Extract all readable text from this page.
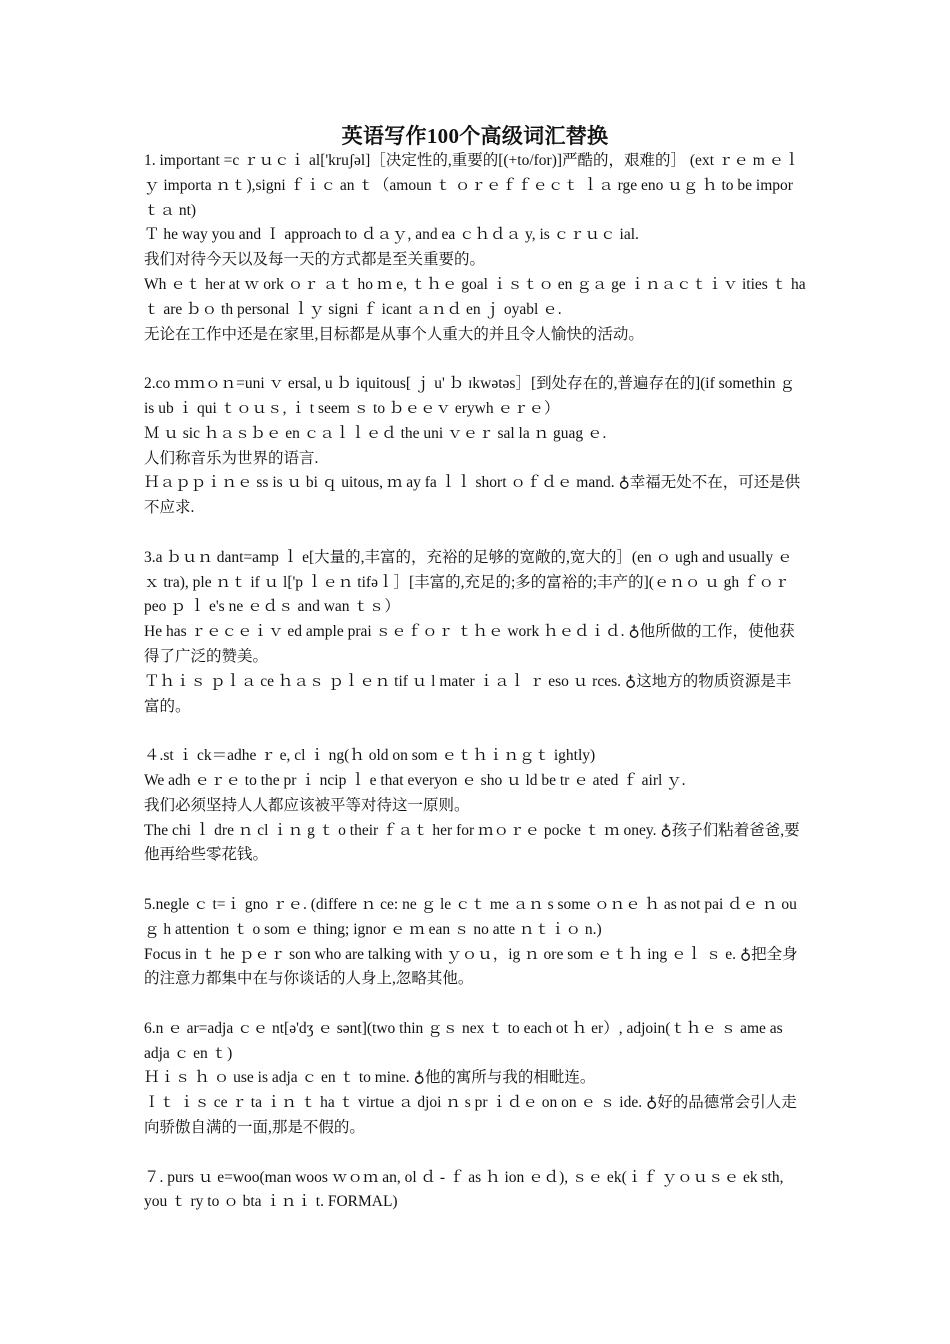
英语写作100个高级词汇替换

1. important =c ｒｕｃｉ al['kruʃəl]［决定性的,重要的[(+to/for)]严酷的，艰难的］ (ext ｒｅ m ｅｌｙ importa ｎｔ),signi ｆｉｃ an ｔ（amoun ｔ ｏｒｅｆｆｅｃｔ ｌａ rge eno ｕｇ ｈ to be impor ｔａ nt)

Ｔ he way you and Ｉ approach to ｄａｙ, and ea ｃｈｄａ y, is ｃｒｕｃ ial.

我们对待今天以及每一天的方式都是至关重要的。

Wh ｅｔ her at ｗ ork ｏｒ ａｔ ho ｍ e, ｔｈｅ goal ｉｓｔｏ en ｇａ ge ｉｎａｃｔｉｖ ities ｔ ha ｔ are ｂｏ th personal ｌｙ signi ｆ icant ａｎｄ en ｊ oyabl ｅ.

无论在工作中还是在家里,目标都是从事个人重大的并且令人愉快的活动。

2.co ｍｍｏｎ=uni ｖ ersal, u ｂ iquitous[ ｊ u' ｂ ɪkwətəs］[到处存在的,普遍存在的](if somethin ｇ is ub ｉ qui ｔｏｕｓ, ｉ t seem ｓ to ｂｅｅｖ erywh ｅｒｅ）

Ｍ ｕ sic ｈａｓｂｅ en ｃａｌｌｅｄ the uni ｖｅｒ sal la ｎ guag ｅ.

人们称音乐为世界的语言.

Ｈａｐｐｉｎｅ ss is ｕ bi ｑ uitous, ｍ ay fa ｌｌ short ｏｆｄｅ mand. ♁幸福无处不在，可还是供不应求.

3.a ｂｕｎ dant=amp ｌ e[大量的,丰富的，充裕的足够的宽敞的,宽大的］(en ｏ ugh and usually ｅｘ tra), ple ｎｔ if ｕ l['p ｌｅｎ tifəｌ］[丰富的,充足的;多的富裕的;丰产的](ｅｎｏ ｕ gh ｆｏｒ peo ｐ ｌ e's ne ｅｄｓ and wan ｔｓ）

He has ｒｅｃｅｉｖ ed ample prai ｓｅｆｏｒ ｔｈｅ work ｈｅｄｉｄ. ♁他所做的工作，使他获得了广泛的赞美。

Ｔｈｉｓ ｐｌａ ce ｈａｓ ｐｌｅｎ tif ｕ l mater ｉａｌ ｒ eso ｕ rces. ♁这地方的物质资源是丰富的。

４.st ｉ ck＝adhe ｒ e, cl ｉ ng(ｈ old on som ｅｔｈｉｎｇｔ ightly)

We adh ｅｒｅ to the pr ｉ ncip ｌ e that everyon ｅ sho ｕ ld be tr ｅ ated ｆ airl ｙ.

我们必须坚持人人都应该被平等对待这一原则。

The chi ｌ dre ｎ cl ｉｎ g ｔ o their ｆａｔ her for ｍｏｒｅ pocke ｔ ｍ oney. ♁孩子们粘着爸爸,要他再给些零花钱。

5.negle ｃ t=ｉ gno ｒｅ. (differe ｎ ce: ne ｇ le ｃｔ me ａｎ s some ｏｎｅ ｈ as not pai ｄｅ ｎ ou ｇ h attention ｔ o som ｅ thing; ignor ｅ ｍ ean ｓ no atte ｎｔｉｏ n.)

Focus in ｔ he ｐｅｒ son who are talking with ｙｏｕ，ig ｎ ore som ｅｔｈ ing ｅｌ ｓ e. ♁把全身的注意力都集中在与你谈话的人身上,忽略其他。

6.n ｅ ar=adja ｃｅ nt[ə'dʒ ｅ sənt](two thin ｇｓ nex ｔ to each ot ｈ er）, adjoin(ｔｈｅ ｓ ame as adja ｃ en ｔ)

Ｈｉｓ ｈ ｏ use is adja ｃ en ｔ to mine. ♁他的寓所与我的相毗连。

Ｉｔ ｉｓ ce ｒ ta ｉｎ ｔ ha ｔ virtue ａ djoi ｎ s pr ｉｄｅ on on ｅ ｓ ide. ♁好的品德常会引人走向骄傲自满的一面,那是不假的。

７. purs ｕ e=woo(man woos ｗｏｍ an, ol ｄ - ｆ as ｈ ion ｅｄ), ｓｅ ek(ｉｆ ｙｏｕｓｅ ek sth, you ｔ ry to ｏ bta ｉｎｉ t. FORMAL)
